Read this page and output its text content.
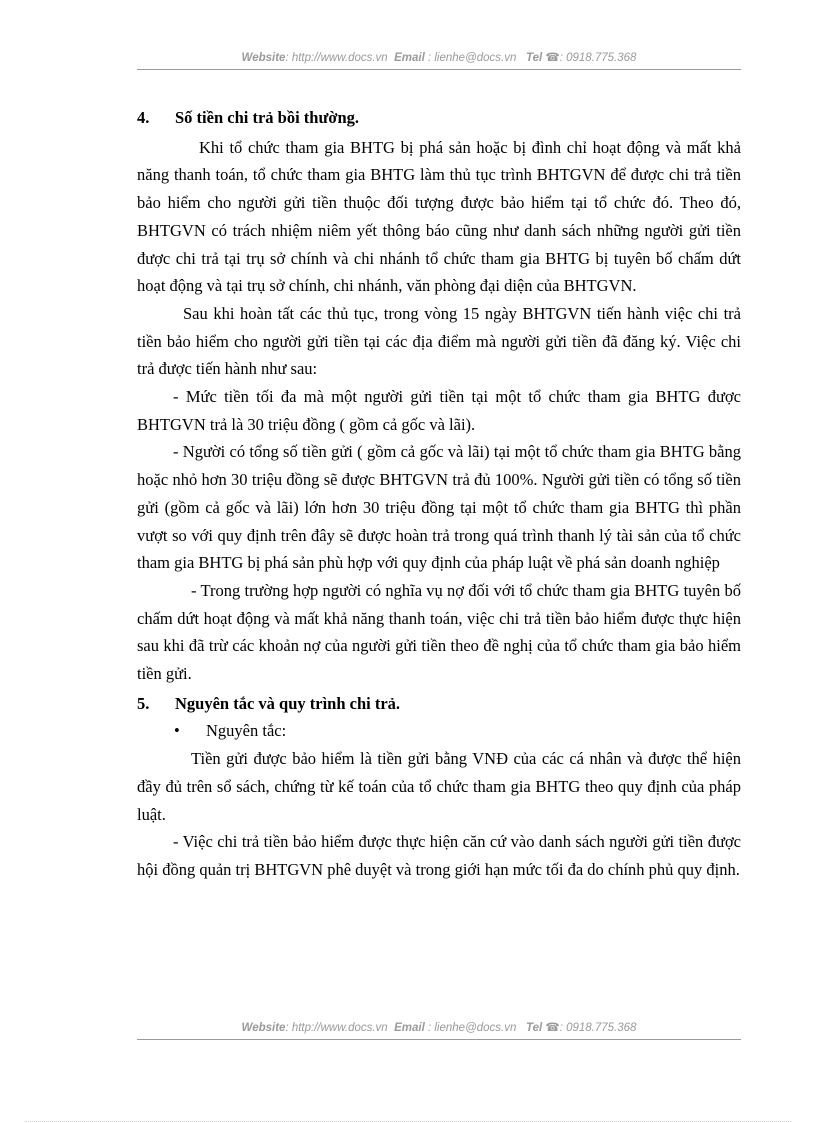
Website: http://www.docs.vn Email : lienhe@docs.vn Tel ☎: 0918.775.368
4.	Số tiền chi trả bồi thường.

Khi tổ chức tham gia BHTG bị phá sản hoặc bị đình chỉ hoạt động và mất khả năng thanh toán, tổ chức tham gia BHTG làm thủ tục trình BHTGVN để được chi trả tiền bảo hiểm cho người gửi tiền thuộc đối tượng được bảo hiểm tại tổ chức đó. Theo đó, BHTGVN có trách nhiệm niêm yết thông báo cũng như danh sách những người gửi tiền được chi trả tại trụ sở chính và chi nhánh tổ chức tham gia BHTG bị tuyên bố chấm dứt hoạt động và tại trụ sở chính, chi nhánh, văn phòng đại diện của BHTGVN.

Sau khi hoàn tất các thủ tục, trong vòng 15 ngày BHTGVN tiến hành việc chi trả tiền bảo hiểm cho người gửi tiền tại các địa điểm mà người gửi tiền đã đăng ký. Việc chi trả được tiến hành như sau:

- Mức tiền tối đa mà một người gửi tiền tại một tổ chức tham gia BHTG được BHTGVN trả là 30 triệu đồng ( gồm cả gốc và lãi).

- Người có tổng số tiền gửi ( gồm cả gốc và lãi) tại một tổ chức tham gia BHTG bằng hoặc nhỏ hơn 30 triệu đồng sẽ được BHTGVN trả đủ 100%. Người gửi tiền có tổng số tiền gửi (gồm cả gốc và lãi) lớn hơn 30 triệu đồng tại một tổ chức tham gia BHTG thì phần vượt so với quy định trên đây sẽ được hoàn trả trong quá trình thanh lý tài sản của tổ chức tham gia BHTG bị phá sản phù hợp với quy định của pháp luật về phá sản doanh nghiệp

- Trong trường hợp người có nghĩa vụ nợ đối với tổ chức tham gia BHTG tuyên bố chấm dứt hoạt động và mất khả năng thanh toán, việc chi trả tiền bảo hiểm được thực hiện sau khi đã trừ các khoản nợ của người gửi tiền theo đề nghị của tổ chức tham gia bảo hiểm tiền gửi.

5.	Nguyên tắc và quy trình chi trả.
•	Nguyên tắc:

Tiền gửi được bảo hiểm là tiền gửi bằng VNĐ của các cá nhân và được thể hiện đầy đủ trên sổ sách, chứng từ kế toán của tổ chức tham gia BHTG theo quy định của pháp luật.

- Việc chi trả tiền bảo hiểm được thực hiện căn cứ vào danh sách người gửi tiền được hội đồng quản trị BHTGVN phê duyệt và trong giới hạn mức tối đa do chính phủ quy định.

Website: http://www.docs.vn Email : lienhe@docs.vn Tel ☎: 0918.775.368
